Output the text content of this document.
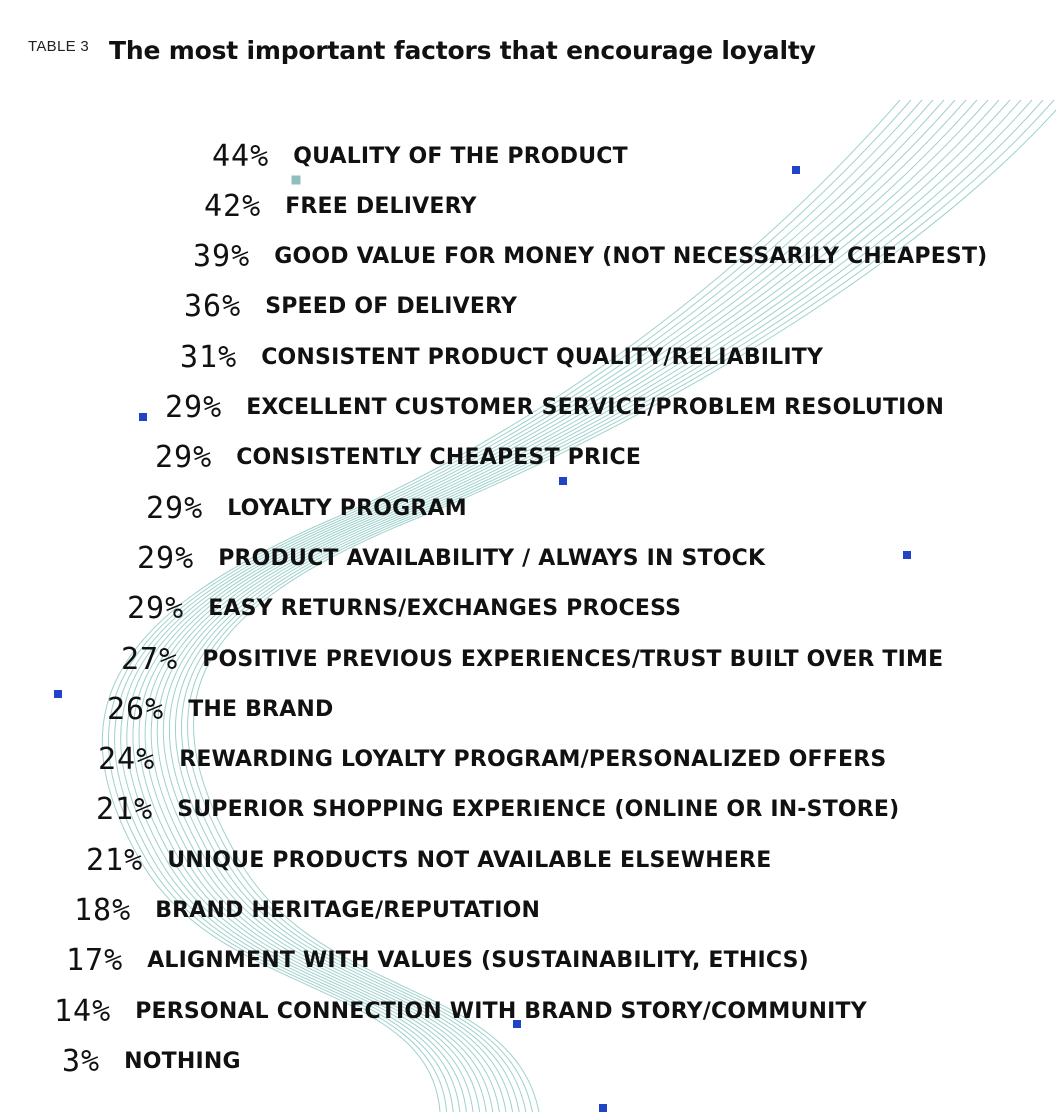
TABLE 3 The most important factors that encourage loyalty
44% QUALITY OF THE PRODUCT
42% FREE DELIVERY
39% GOOD VALUE FOR MONEY (NOT NECESSARILY CHEAPEST)
36% SPEED OF DELIVERY
31% CONSISTENT PRODUCT QUALITY/RELIABILITY
29% EXCELLENT CUSTOMER SERVICE/PROBLEM RESOLUTION
29% CONSISTENTLY CHEAPEST PRICE
29% LOYALTY PROGRAM
29% PRODUCT AVAILABILITY / ALWAYS IN STOCK
29% EASY RETURNS/EXCHANGES PROCESS
27% POSITIVE PREVIOUS EXPERIENCES/TRUST BUILT OVER TIME
26% THE BRAND
24% REWARDING LOYALTY PROGRAM/PERSONALIZED OFFERS
21% SUPERIOR SHOPPING EXPERIENCE (ONLINE OR IN-STORE)
21% UNIQUE PRODUCTS NOT AVAILABLE ELSEWHERE
18% BRAND HERITAGE/REPUTATION
17% ALIGNMENT WITH VALUES (SUSTAINABILITY, ETHICS)
14% PERSONAL CONNECTION WITH BRAND STORY/COMMUNITY
3% NOTHING
